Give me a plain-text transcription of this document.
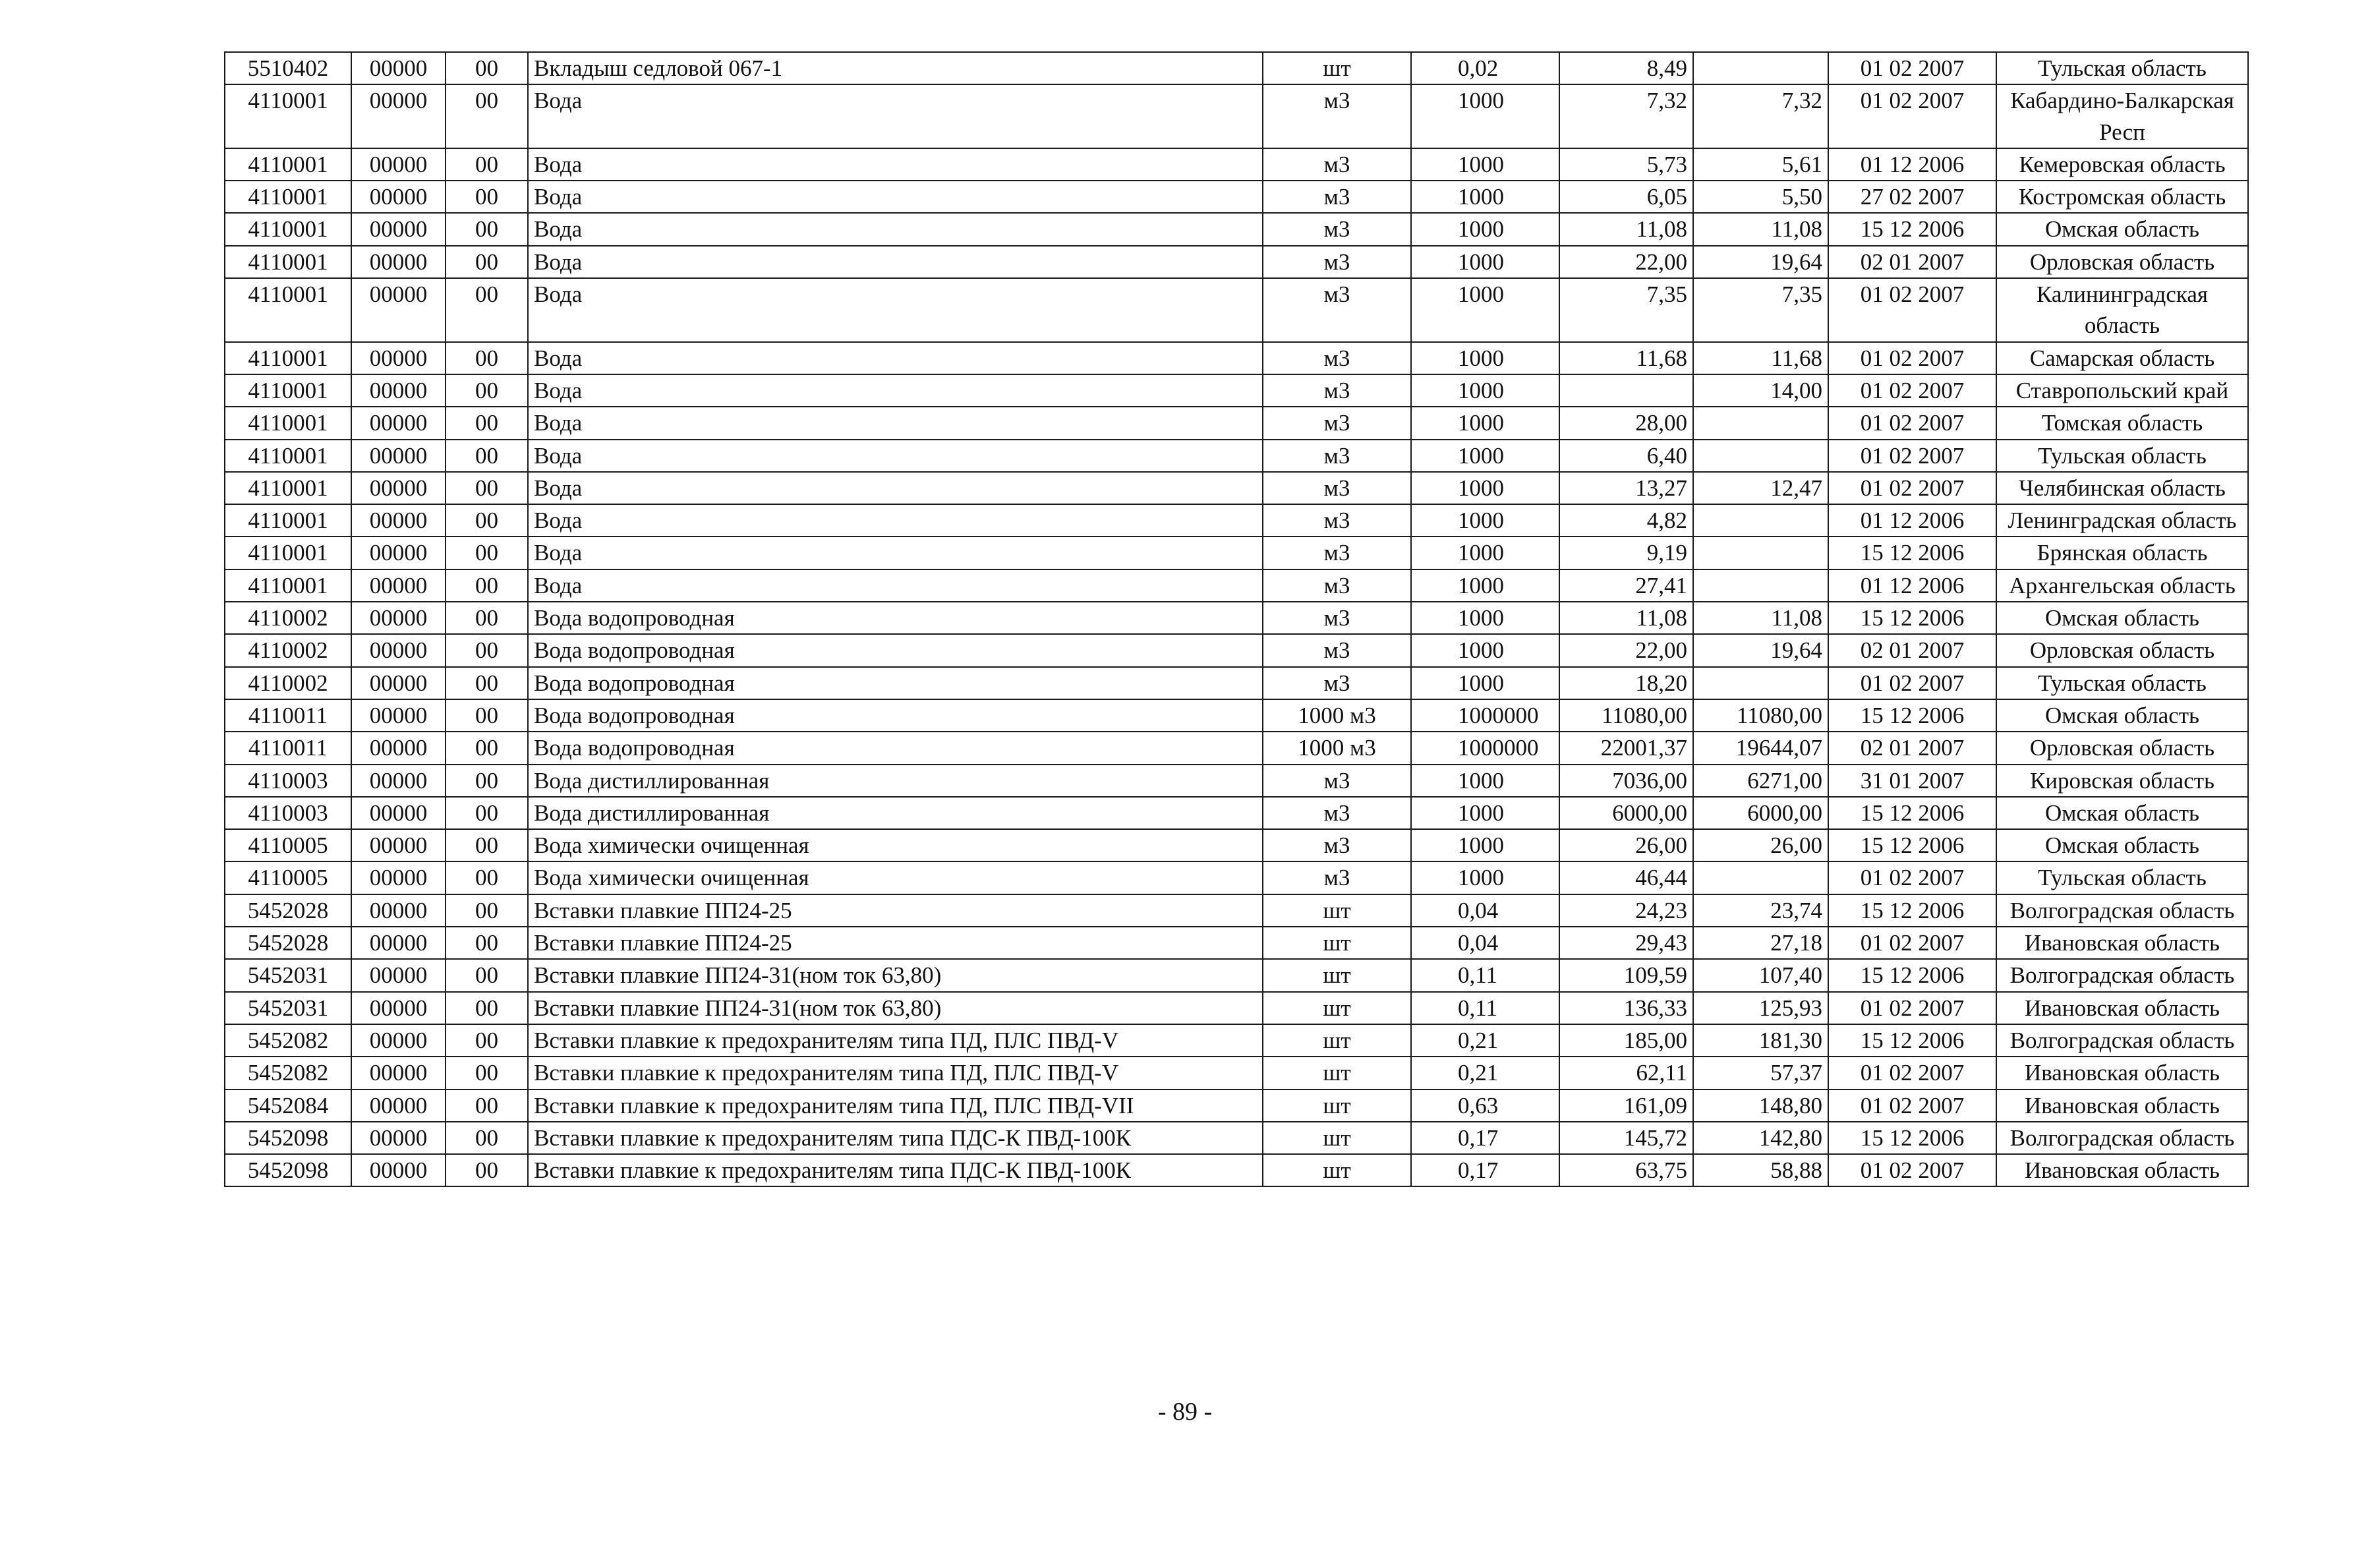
5510402	00000	00	Вкладыш седловой 067-1	шт	0,02	8,49		01 02 2007	Тульская область
4110001	00000	00	Вода	м3	1000	7,32	7,32	01 02 2007	Кабардино-Балкарская Респ
4110001	00000	00	Вода	м3	1000	5,73	5,61	01 12 2006	Кемеровская область
4110001	00000	00	Вода	м3	1000	6,05	5,50	27 02 2007	Костромская область
4110001	00000	00	Вода	м3	1000	11,08	11,08	15 12 2006	Омская область
4110001	00000	00	Вода	м3	1000	22,00	19,64	02 01 2007	Орловская область
4110001	00000	00	Вода	м3	1000	7,35	7,35	01 02 2007	Калининградская область
4110001	00000	00	Вода	м3	1000	11,68	11,68	01 02 2007	Самарская область
4110001	00000	00	Вода	м3	1000		14,00	01 02 2007	Ставропольский край
4110001	00000	00	Вода	м3	1000	28,00		01 02 2007	Томская область
4110001	00000	00	Вода	м3	1000	6,40		01 02 2007	Тульская область
4110001	00000	00	Вода	м3	1000	13,27	12,47	01 02 2007	Челябинская область
4110001	00000	00	Вода	м3	1000	4,82		01 12 2006	Ленинградская область
4110001	00000	00	Вода	м3	1000	9,19		15 12 2006	Брянская область
4110001	00000	00	Вода	м3	1000	27,41		01 12 2006	Архангельская область
4110002	00000	00	Вода водопроводная	м3	1000	11,08	11,08	15 12 2006	Омская область
4110002	00000	00	Вода водопроводная	м3	1000	22,00	19,64	02 01 2007	Орловская область
4110002	00000	00	Вода водопроводная	м3	1000	18,20		01 02 2007	Тульская область
4110011	00000	00	Вода водопроводная	1000 м3	1000000	11080,00	11080,00	15 12 2006	Омская область
4110011	00000	00	Вода водопроводная	1000 м3	1000000	22001,37	19644,07	02 01 2007	Орловская область
4110003	00000	00	Вода дистиллированная	м3	1000	7036,00	6271,00	31 01 2007	Кировская область
4110003	00000	00	Вода дистиллированная	м3	1000	6000,00	6000,00	15 12 2006	Омская область
4110005	00000	00	Вода химически очищенная	м3	1000	26,00	26,00	15 12 2006	Омская область
4110005	00000	00	Вода химически очищенная	м3	1000	46,44		01 02 2007	Тульская область
5452028	00000	00	Вставки плавкие ПП24-25	шт	0,04	24,23	23,74	15 12 2006	Волгоградская область
5452028	00000	00	Вставки плавкие ПП24-25	шт	0,04	29,43	27,18	01 02 2007	Ивановская область
5452031	00000	00	Вставки плавкие ПП24-31(ном ток 63,80)	шт	0,11	109,59	107,40	15 12 2006	Волгоградская область
5452031	00000	00	Вставки плавкие ПП24-31(ном ток 63,80)	шт	0,11	136,33	125,93	01 02 2007	Ивановская область
5452082	00000	00	Вставки плавкие к предохранителям типа ПД, ПЛС ПВД-V	шт	0,21	185,00	181,30	15 12 2006	Волгоградская область
5452082	00000	00	Вставки плавкие к предохранителям типа ПД, ПЛС ПВД-V	шт	0,21	62,11	57,37	01 02 2007	Ивановская область
5452084	00000	00	Вставки плавкие к предохранителям типа ПД, ПЛС ПВД-VII	шт	0,63	161,09	148,80	01 02 2007	Ивановская область
5452098	00000	00	Вставки плавкие к предохранителям типа ПДС-К ПВД-100К	шт	0,17	145,72	142,80	15 12 2006	Волгоградская область
5452098	00000	00	Вставки плавкие к предохранителям типа ПДС-К ПВД-100К	шт	0,17	63,75	58,88	01 02 2007	Ивановская область
- 89 -
